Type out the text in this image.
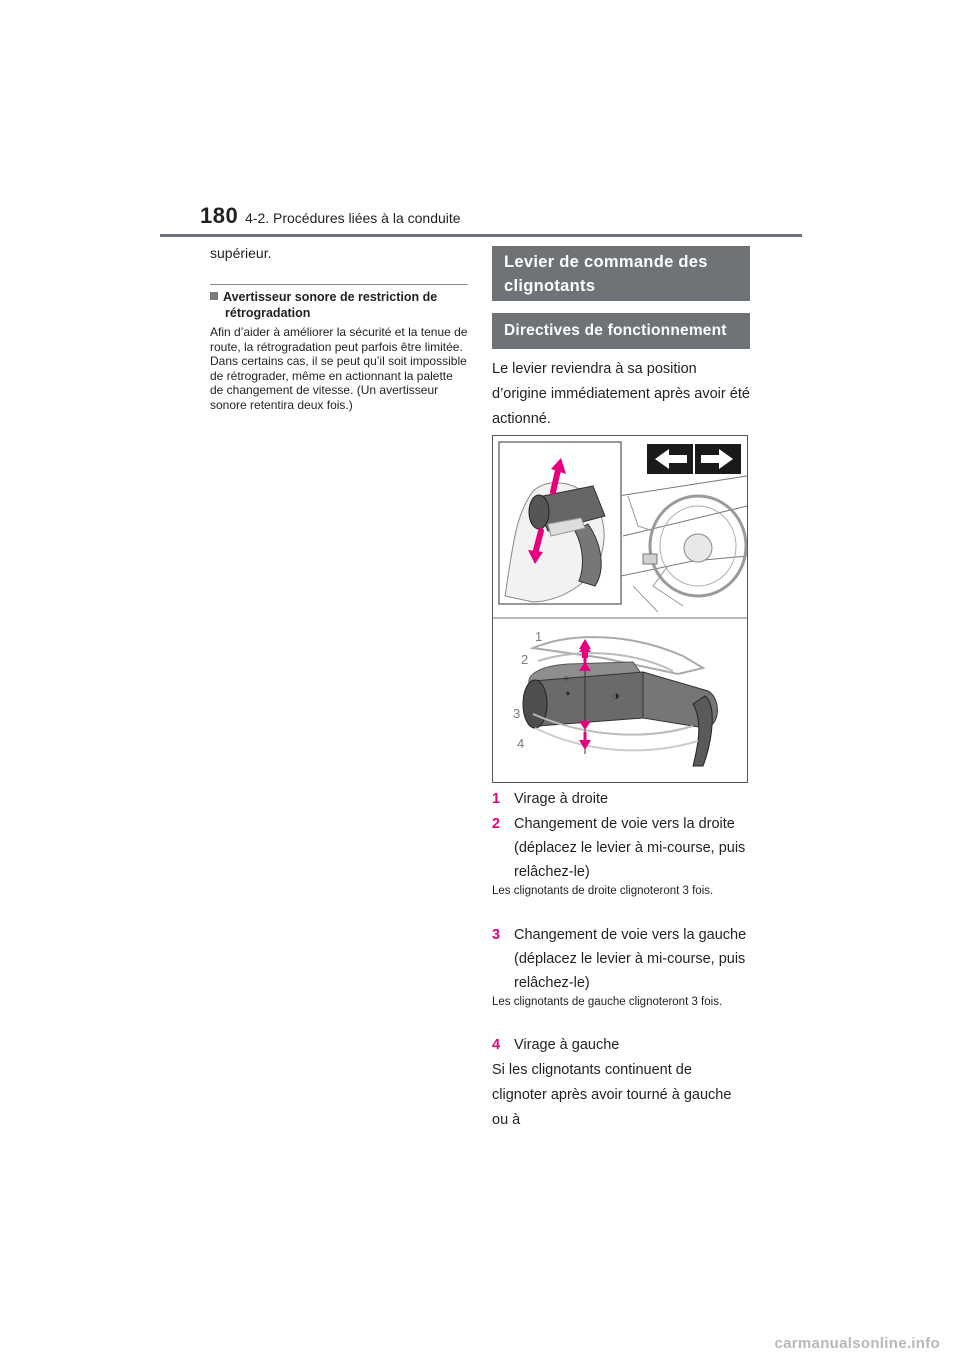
180 4-2. Procédures liées à la conduite
supérieur.
Avertisseur sonore de restriction de
rétrogradation
Afin d’aider à améliorer la sécurité et la tenue de route, la rétrogradation peut parfois être limitée. Dans certains cas, il se peut qu’il soit impossible de rétrograder, même en actionnant la palette de changement de vitesse. (Un avertisseur sonore retentira deux fois.)
Levier de commande des clignotants
Directives de fonctionnement
Le levier reviendra à sa position d’origine immédiatement après avoir été actionné.
☼
✷	◑
1
2
3
4
1 Virage à droite
2 Changement de voie vers la droite (déplacez le levier à mi-course, puis relâchez-le)
Les clignotants de droite clignoteront 3 fois.
3 Changement de voie vers la gauche (déplacez le levier à mi-course, puis relâchez-le)
Les clignotants de gauche clignoteront 3 fois.
4 Virage à gauche
Si les clignotants continuent de clignoter après avoir tourné à gauche ou à
carmanualsonline.info
